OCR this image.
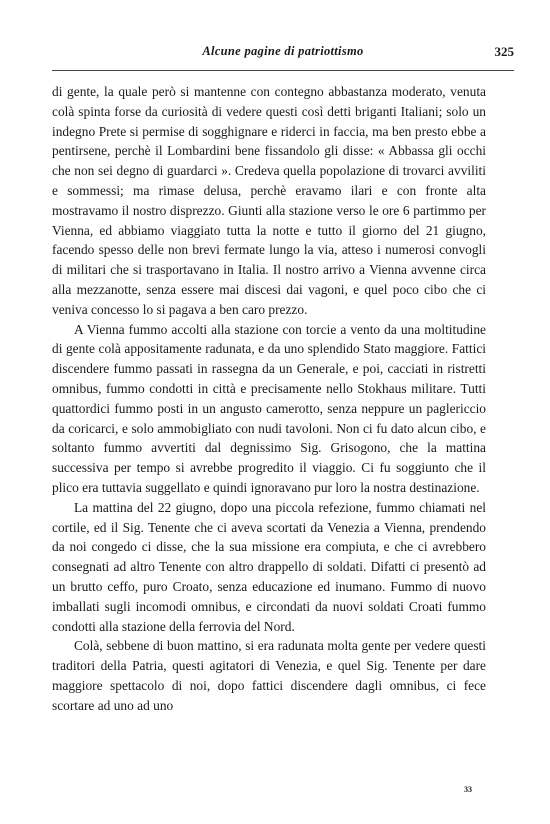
Alcune pagine di patriottismo	325

di gente, la quale però si mantenne con contegno abbastanza moderato, venuta colà spinta forse da curiosità di vedere questi così detti briganti Italiani; solo un indegno Prete si permise di sogghignare e riderci in faccia, ma ben presto ebbe a pentirsene, perchè il Lombardini bene fissandolo gli disse: « Abbassa gli occhi che non sei degno di guardarci ». Credeva quella popolazione di trovarci avviliti e sommessi; ma rimase delusa, perchè eravamo ilari e con fronte alta mostravamo il nostro disprezzo. Giunti alla stazione verso le ore 6 partimmo per Vienna, ed abbiamo viaggiato tutta la notte e tutto il giorno del 21 giugno, facendo spesso delle non brevi fermate lungo la via, atteso i numerosi convogli di militari che si trasportavano in Italia. Il nostro arrivo a Vienna avvenne circa alla mezzanotte, senza essere mai discesi dai vagoni, e quel poco cibo che ci veniva concesso lo si pagava a ben caro prezzo.

A Vienna fummo accolti alla stazione con torcie a vento da una moltitudine di gente colà appositamente radunata, e da uno splendido Stato maggiore. Fattici discendere fummo passati in rassegna da un Generale, e poi, cacciati in ristretti omnibus, fummo condotti in città e precisamente nello Stokhaus militare. Tutti quattordici fummo posti in un angusto camerotto, senza neppure un paglericcio da coricarci, e solo ammobigliato con nudi tavoloni. Non ci fu dato alcun cibo, e soltanto fummo avvertiti dal degnissimo Sig. Grisogono, che la mattina successiva per tempo si avrebbe progredito il viaggio. Ci fu soggiunto che il plico era tuttavia suggellato e quindi ignoravano pur loro la nostra destinazione.

La mattina del 22 giugno, dopo una piccola refezione, fummo chiamati nel cortile, ed il Sig. Tenente che ci aveva scortati da Venezia a Vienna, prendendo da noi congedo ci disse, che la sua missione era compiuta, e che ci avrebbero consegnati ad altro Tenente con altro drappello di soldati. Difatti ci presentò ad un brutto ceffo, puro Croato, senza educazione ed inumano. Fummo di nuovo imballati sugli incomodi omnibus, e circondati da nuovi soldati Croati fummo condotti alla stazione della ferrovia del Nord.

Colà, sebbene di buon mattino, si era radunata molta gente per vedere questi traditori della Patria, questi agitatori di Venezia, e quel Sig. Tenente per dare maggiore spettacolo di noi, dopo fattici discendere dagli omnibus, ci fece scortare ad uno ad uno

33
